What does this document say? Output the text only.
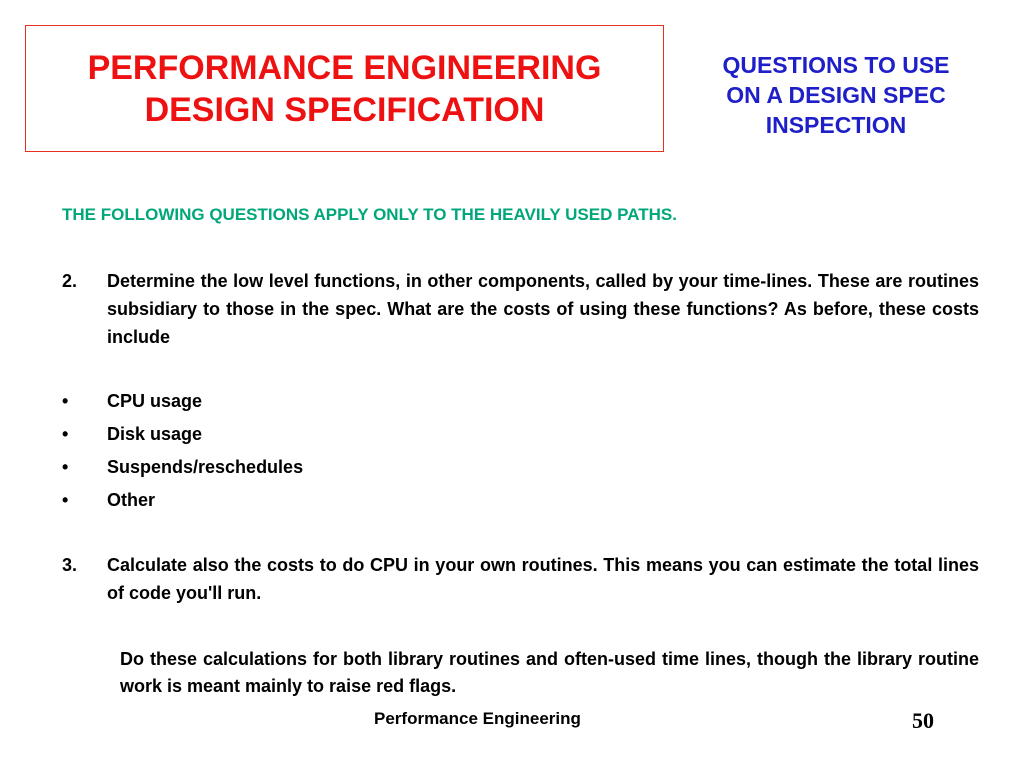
PERFORMANCE ENGINEERING
DESIGN SPECIFICATION
QUESTIONS TO USE
ON A DESIGN SPEC
INSPECTION
THE FOLLOWING QUESTIONS APPLY ONLY TO THE HEAVILY USED PATHS.
2. Determine the low level functions, in other components, called by your time-lines. These are routines subsidiary to those in the spec. What are the costs of using these functions? As before, these costs include
• CPU usage
• Disk usage
• Suspends/reschedules
• Other
3. Calculate also the costs to do CPU in your own routines. This means you can estimate the total lines of code you'll run.
Do these calculations for both library routines and often-used time lines, though the library routine work is meant mainly to raise red flags.
Performance Engineering	50
